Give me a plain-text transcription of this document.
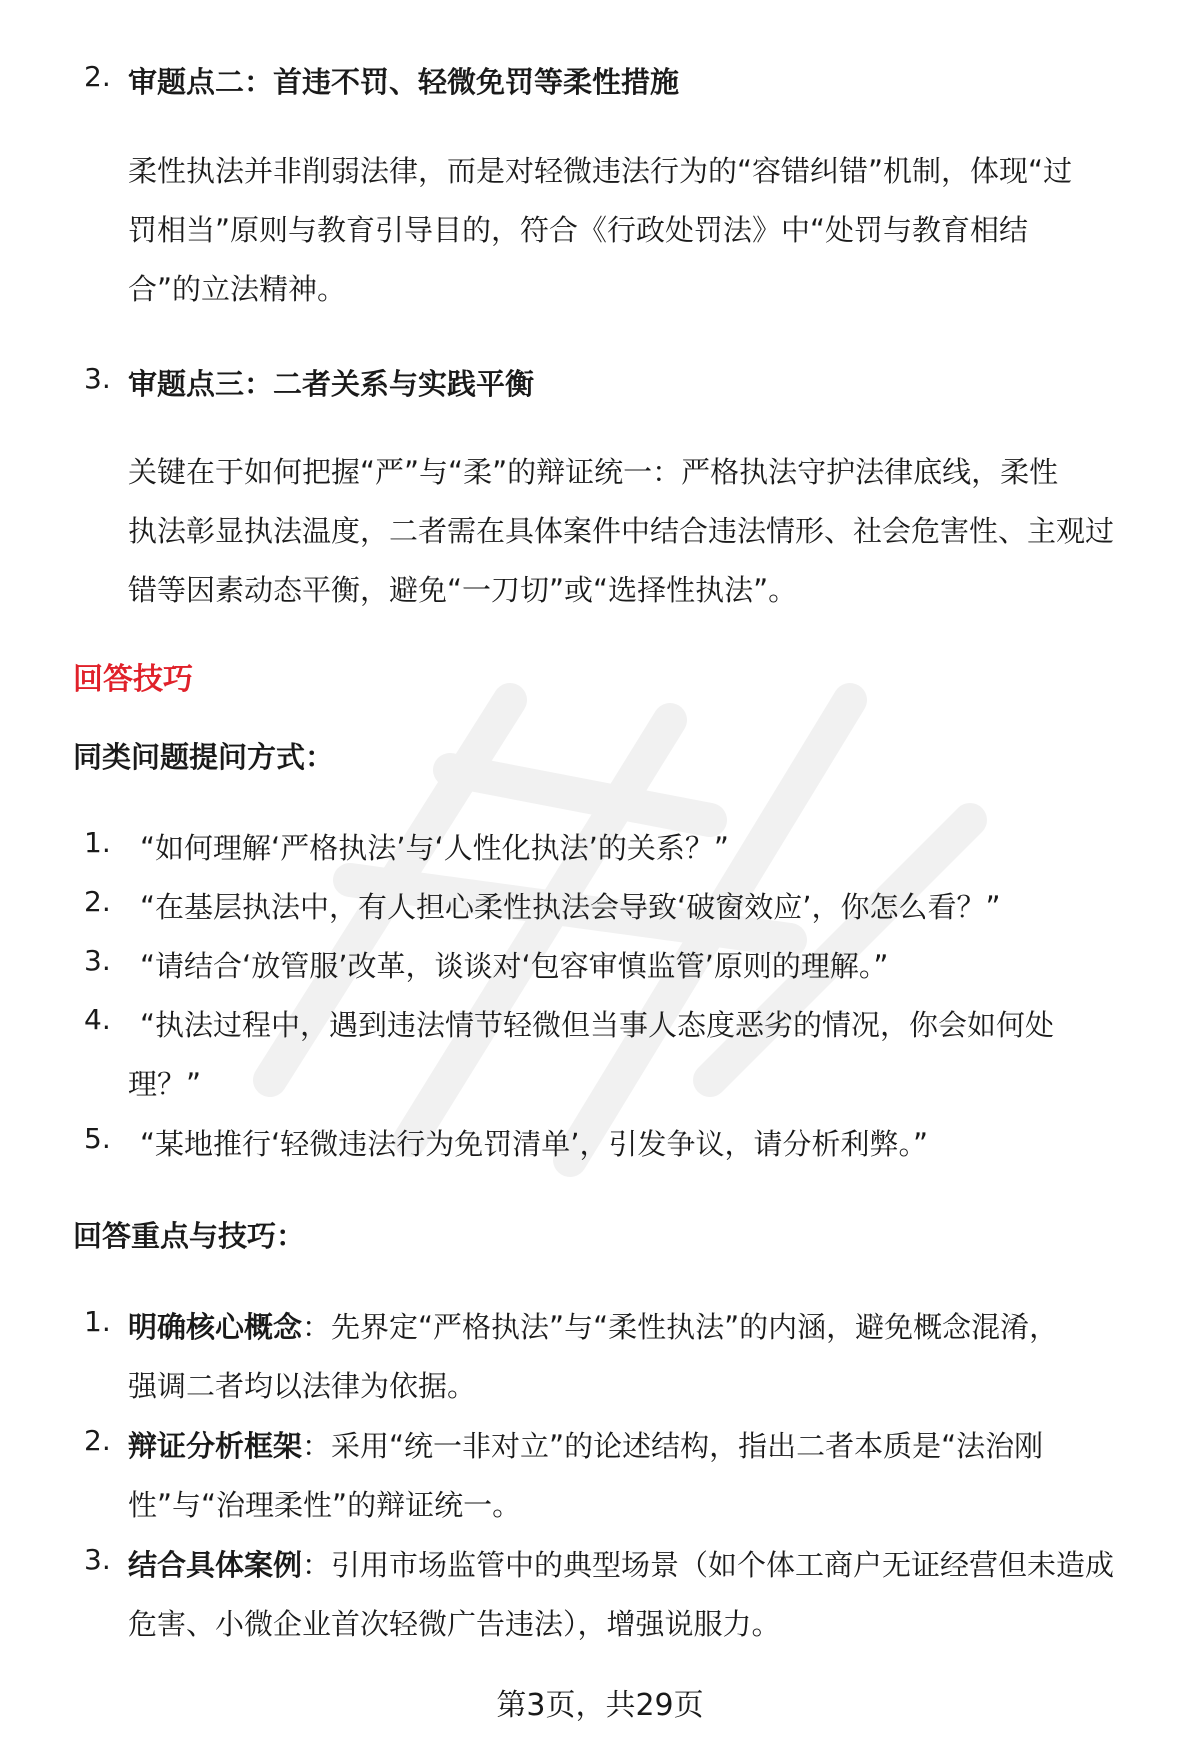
2. 审题点二：首违不罚、轻微免罚等柔性措施
柔性执法并非削弱法律，而是对轻微违法行为的“容错纠错”机制，体现“过
罚相当”原则与教育引导目的，符合《行政处罚法》中“处罚与教育相结
合”的立法精神。
3. 审题点三：二者关系与实践平衡
关键在于如何把握“严”与“柔”的辩证统一：严格执法守护法律底线，柔性
执法彰显执法温度，二者需在具体案件中结合违法情形、社会危害性、主观过
错等因素动态平衡，避免“一刀切”或“选择性执法”。
回答技巧
同类问题提问方式：
1. “如何理解‘严格执法’与‘人性化执法’的关系？”
2. “在基层执法中，有人担心柔性执法会导致‘破窗效应’，你怎么看？”
3. “请结合‘放管服’改革，谈谈对‘包容审慎监管’原则的理解。”
4. “执法过程中，遇到违法情节轻微但当事人态度恶劣的情况，你会如何处
理？”
5. “某地推行‘轻微违法行为免罚清单’，引发争议，请分析利弊。”
回答重点与技巧：
1. 明确核心概念：先界定“严格执法”与“柔性执法”的内涵，避免概念混淆，
强调二者均以法律为依据。
2. 辩证分析框架：采用“统一非对立”的论述结构，指出二者本质是“法治刚
性”与“治理柔性”的辩证统一。
3. 结合具体案例：引用市场监管中的典型场景（如个体工商户无证经营但未造成
危害、小微企业首次轻微广告违法），增强说服力。
第3页，共29页
